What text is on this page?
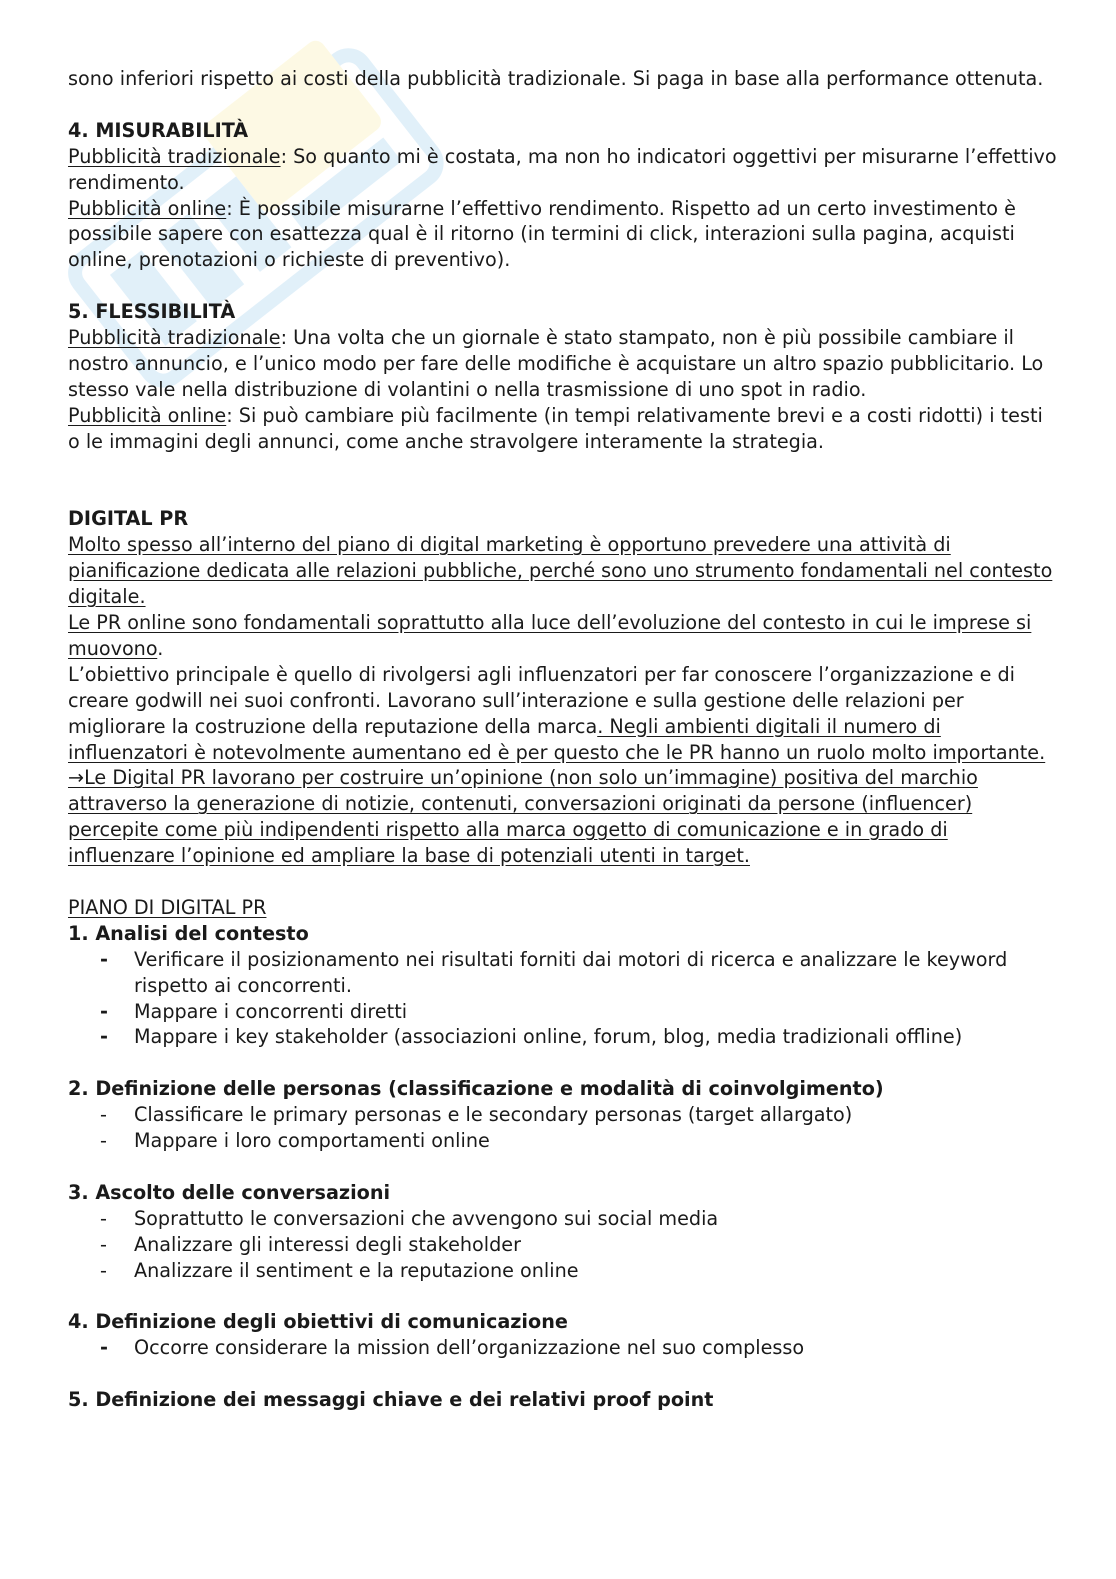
sono inferiori rispetto ai costi della pubblicità tradizionale. Si paga in base alla performance ottenuta.

4. MISURABILITÀ

Pubblicità tradizionale: So quanto mi è costata, ma non ho indicatori oggettivi per misurarne l’effettivo rendimento.

Pubblicità online: È possibile misurarne l’effettivo rendimento. Rispetto ad un certo investimento è possibile sapere con esattezza qual è il ritorno (in termini di click, interazioni sulla pagina, acquisti online, prenotazioni o richieste di preventivo).

5. FLESSIBILITÀ

Pubblicità tradizionale: Una volta che un giornale è stato stampato, non è più possibile cambiare il nostro annuncio, e l’unico modo per fare delle modifiche è acquistare un altro spazio pubblicitario. Lo stesso vale nella distribuzione di volantini o nella trasmissione di uno spot in radio.

Pubblicità online: Si può cambiare più facilmente (in tempi relativamente brevi e a costi ridotti) i testi o le immagini degli annunci, come anche stravolgere interamente la strategia.

DIGITAL PR

Molto spesso all’interno del piano di digital marketing è opportuno prevedere una attività di pianificazione dedicata alle relazioni pubbliche, perché sono uno strumento fondamentali nel contesto digitale.

Le PR online sono fondamentali soprattutto alla luce dell’evoluzione del contesto in cui le imprese si muovono.

L’obiettivo principale è quello di rivolgersi agli influenzatori per far conoscere l’organizzazione e di creare godwill nei suoi confronti. Lavorano sull’interazione e sulla gestione delle relazioni per migliorare la costruzione della reputazione della marca. Negli ambienti digitali il numero di influenzatori è notevolmente aumentano ed è per questo che le PR hanno un ruolo molto importante.

→Le Digital PR lavorano per costruire un’opinione (non solo un’immagine) positiva del marchio attraverso la generazione di notizie, contenuti, conversazioni originati da persone (influencer) percepite come più indipendenti rispetto alla marca oggetto di comunicazione e in grado di influenzare l’opinione ed ampliare la base di potenziali utenti in target.

PIANO DI DIGITAL PR

1. Analisi del contesto

- Verificare il posizionamento nei risultati forniti dai motori di ricerca e analizzare le keyword rispetto ai concorrenti.
- Mappare i concorrenti diretti
- Mappare i key stakeholder (associazioni online, forum, blog, media tradizionali offline)

2. Definizione delle personas (classificazione e modalità di coinvolgimento)

- Classificare le primary personas e le secondary personas (target allargato)
- Mappare i loro comportamenti online

3. Ascolto delle conversazioni

- Soprattutto le conversazioni che avvengono sui social media
- Analizzare gli interessi degli stakeholder
- Analizzare il sentiment e la reputazione online

4. Definizione degli obiettivi di comunicazione

- Occorre considerare la mission dell’organizzazione nel suo complesso

5. Definizione dei messaggi chiave e dei relativi proof point
